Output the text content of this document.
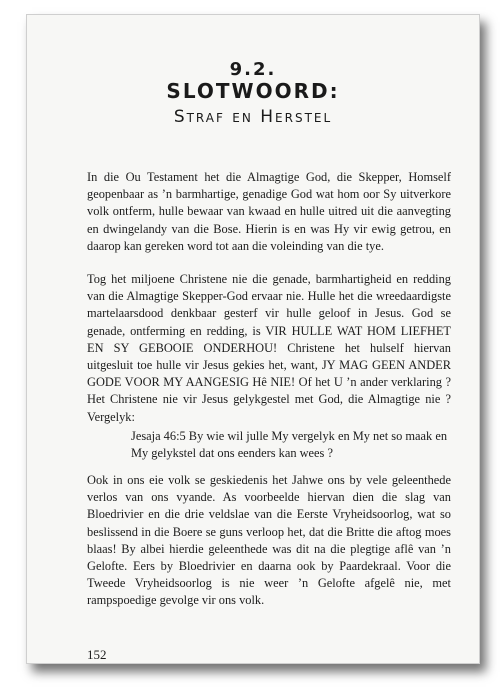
9.2.
SLOTWOORD:
Straf en Herstel

In die Ou Testament het die Almagtige God, die Skepper, Homself geopenbaar as ’n barmhartige, genadige God wat hom oor Sy uitverkore volk ontferm, hulle bewaar van kwaad en hulle uitred uit die aanvegting en dwingelandy van die Bose. Hierin is en was Hy vir ewig getrou, en daarop kan gereken word tot aan die voleinding van die tye.

Tog het miljoene Christene nie die genade, barmhartigheid en redding van die Almagtige Skepper-God ervaar nie. Hulle het die wreedaardigste martelaarsdood denkbaar gesterf vir hulle geloof in Jesus. God se genade, ontferming en redding, is VIR HULLE WAT HOM LIEFHET EN SY GEBOOIE ONDERHOU! Christene het hulself hiervan uitgesluit toe hulle vir Jesus gekies het, want, JY MAG GEEN ANDER GODE VOOR MY AANGESIG Hê NIE! Of het U ’n ander verklaring ? Het Christene nie vir Jesus gelykgestel met God, die Almagtige nie ? Vergelyk:

Jesaja 46:5 By wie wil julle My vergelyk en My net so maak en My gelykstel dat ons eenders kan wees ?

Ook in ons eie volk se geskiedenis het Jahwe ons by vele geleenthede verlos van ons vyande. As voorbeelde hiervan dien die slag van Bloedrivier en die drie veldslae van die Eerste Vryheidsoorlog, wat so beslissend in die Boere se guns verloop het, dat die Britte die aftog moes blaas! By albei hierdie geleenthede was dit na die plegtige aflê van ’n Gelofte. Eers by Bloedrivier en daarna ook by Paardekraal. Voor die Tweede Vryheidsoorlog is nie weer ’n Gelofte afgelê nie, met rampspoedige gevolge vir ons volk.

152
